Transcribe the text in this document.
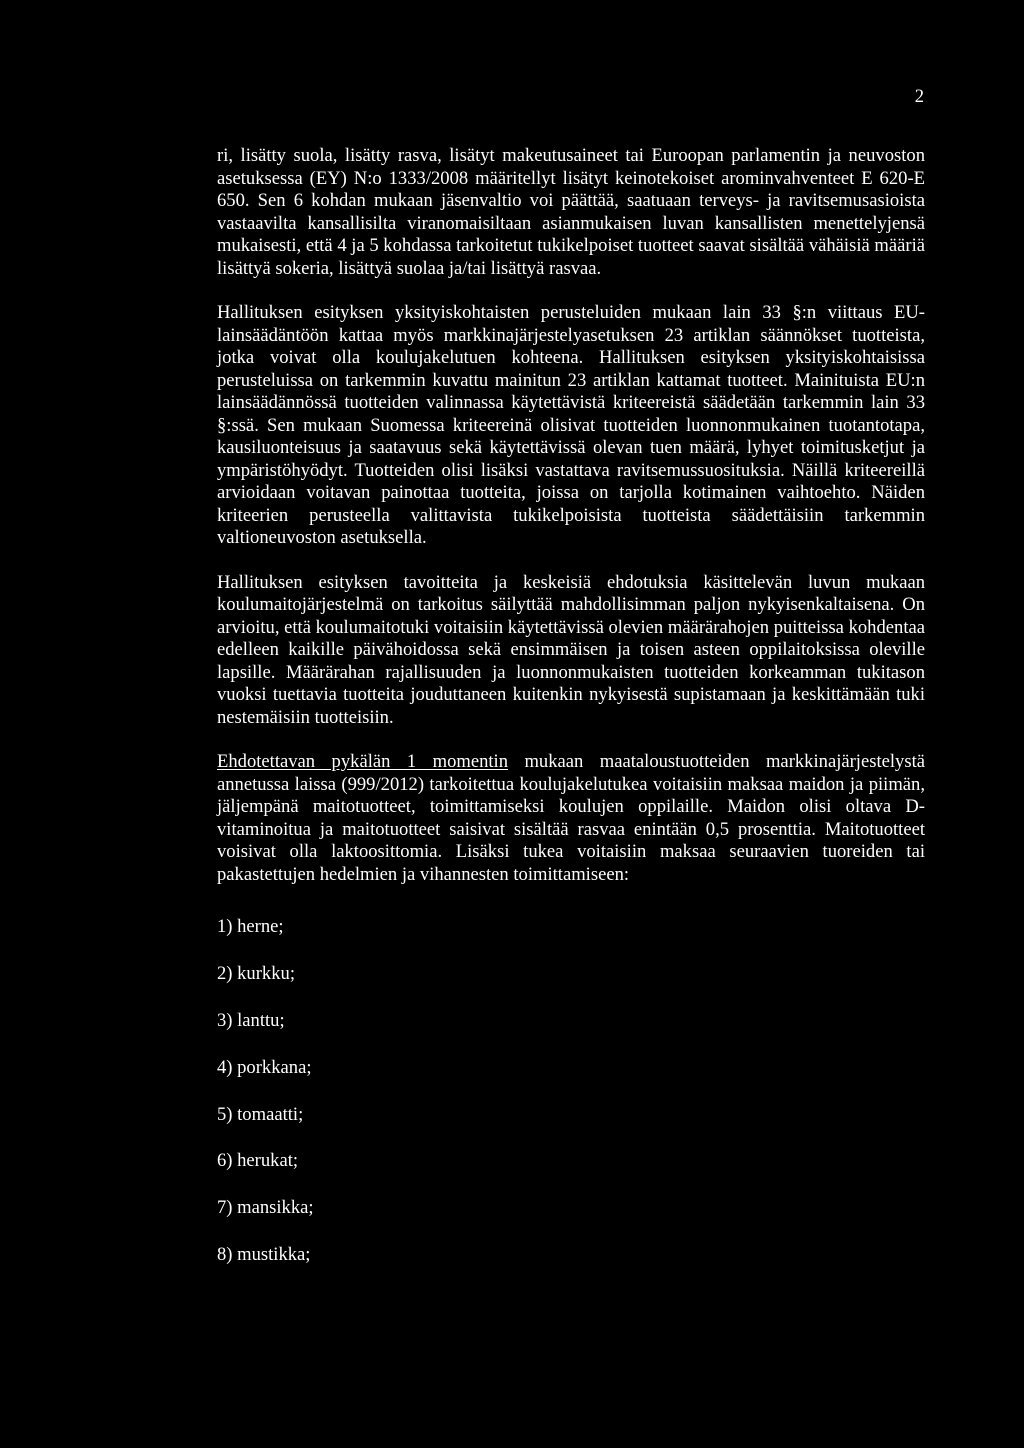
2

ri, lisätty suola, lisätty rasva, lisätyt makeutusaineet tai Euroopan parlamentin ja neuvoston asetuksessa (EY) N:o 1333/2008 määritellyt lisätyt keinotekoiset arominvahventeet E 620-E 650. Sen 6 kohdan mukaan jäsenvaltio voi päättää, saatuaan terveys- ja ravitsemusasioista vastaavilta kansallisilta viranomaisiltaan asianmukaisen luvan kansallisten menettelyjensä mukaisesti, että 4 ja 5 kohdassa tarkoitetut tukikelpoiset tuotteet saavat sisältää vähäisiä määriä lisättyä sokeria, lisättyä suolaa ja/tai lisättyä rasvaa.

Hallituksen esityksen yksityiskohtaisten perusteluiden mukaan lain 33 §:n viittaus EU-lainsäädäntöön kattaa myös markkinajärjestelyasetuksen 23 artiklan säännökset tuotteista, jotka voivat olla koulujakelutuen kohteena. Hallituksen esityksen yksityiskohtaisissa perusteluissa on tarkemmin kuvattu mainitun 23 artiklan kattamat tuotteet. Mainituista EU:n lainsäädännössä tuotteiden valinnassa käytettävistä kriteereistä säädetään tarkemmin lain 33 §:ssä. Sen mukaan Suomessa kriteereinä olisivat tuotteiden luonnonmukainen tuotantotapa, kausiluonteisuus ja saatavuus sekä käytettävissä olevan tuen määrä, lyhyet toimitusketjut ja ympäristöhyödyt. Tuotteiden olisi lisäksi vastattava ravitsemussuosituksia. Näillä kriteereillä arvioidaan voitavan painottaa tuotteita, joissa on tarjolla kotimainen vaihtoehto. Näiden kriteerien perusteella valittavista tukikelpoisista tuotteista säädettäisiin tarkemmin valtioneuvoston asetuksella.

Hallituksen esityksen tavoitteita ja keskeisiä ehdotuksia käsittelevän luvun mukaan koulumaitojärjestelmä on tarkoitus säilyttää mahdollisimman paljon nykyisenkaltaisena. On arvioitu, että koulumaitotuki voitaisiin käytettävissä olevien määrärahojen puitteissa kohdentaa edelleen kaikille päivähoidossa sekä ensimmäisen ja toisen asteen oppilaitoksissa oleville lapsille. Määrärahan rajallisuuden ja luonnonmukaisten tuotteiden korkeamman tukitason vuoksi tuettavia tuotteita jouduttaneen kuitenkin nykyisestä supistamaan ja keskittämään tuki nestemäisiin tuotteisiin.

Ehdotettavan pykälän 1 momentin mukaan maataloustuotteiden markkinajärjestelystä annetussa laissa (999/2012) tarkoitettua koulujakelutukea voitaisiin maksaa maidon ja piimän, jäljempänä maitotuotteet, toimittamiseksi koulujen oppilaille. Maidon olisi oltava D-vitaminoitua ja maitotuotteet saisivat sisältää rasvaa enintään 0,5 prosenttia. Maitotuotteet voisivat olla laktoosittomia. Lisäksi tukea voitaisiin maksaa seuraavien tuoreiden tai pakastettujen hedelmien ja vihannesten toimittamiseen:

1) herne;
2) kurkku;
3) lanttu;
4) porkkana;
5) tomaatti;
6) herukat;
7) mansikka;
8) mustikka;
